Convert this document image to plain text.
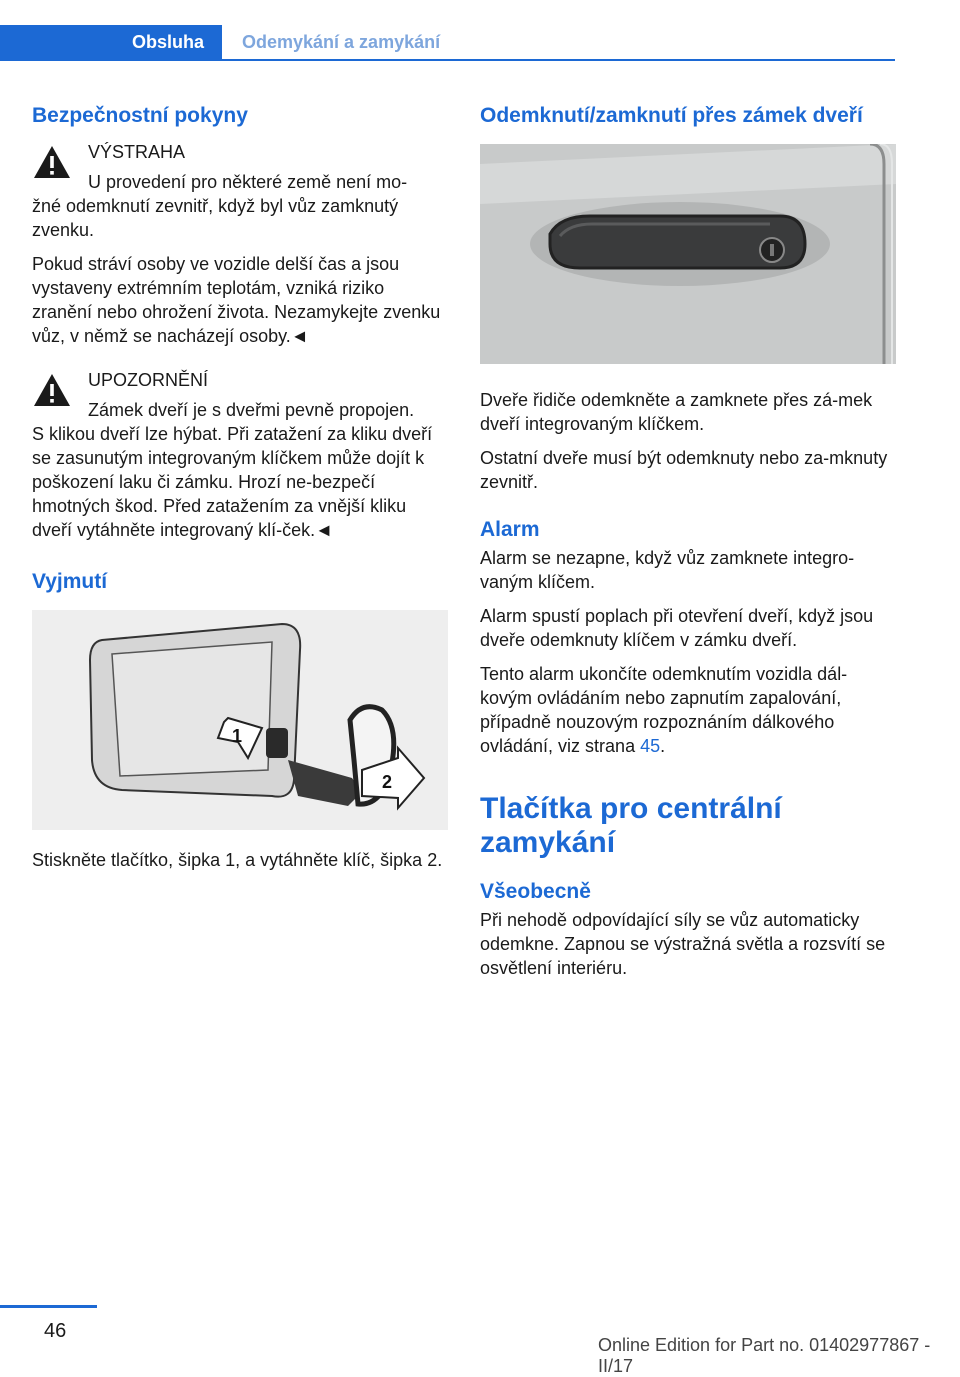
Obsluha Odemykání a zamykání
Bezpečnostní pokyny

VÝSTRAHA

U provedení pro některé země není mo‐

žné odemknutí zevnitř, když byl vůz zamknutý zvenku.

Pokud stráví osoby ve vozidle delší čas a jsou vystaveny extrémním teplotám, vzniká riziko zranění nebo ohrožení života. Nezamykejte zvenku vůz, v němž se nacházejí osoby.◄

UPOZORNĚNÍ

Zámek dveří je s dveřmi pevně propojen.

S klikou dveří lze hýbat. Při zatažení za kliku dveří se zasunutým integrovaným klíčkem může dojít k poškození laku či zámku. Hrozí ne‐bezpečí hmotných škod. Před zatažením za vnější kliku dveří vytáhněte integrovaný klí‐ček.◄

Vyjmutí
1
2

Stiskněte tlačítko, šipka 1, a vytáhněte klíč, šipka 2.

Odemknutí/zamknutí přes zámek dveří

Dveře řidiče odemkněte a zamknete přes zá‐mek dveří integrovaným klíčkem.

Ostatní dveře musí být odemknuty nebo za‐mknuty zevnitř.

Alarm

Alarm se nezapne, když vůz zamknete integro‐vaným klíčem.

Alarm spustí poplach při otevření dveří, když jsou dveře odemknuty klíčem v zámku dveří.

Tento alarm ukončíte odemknutím vozidla dál‐kovým ovládáním nebo zapnutím zapalování, případně nouzovým rozpoznáním dálkového ovládání, viz strana 45.

Tlačítka pro centrální zamykání
Všeobecně

Při nehodě odpovídající síly se vůz automaticky odemkne. Zapnou se výstražná světla a rozsvítí se osvětlení interiéru.

46
Online Edition for Part no. 01402977867 - II/17
